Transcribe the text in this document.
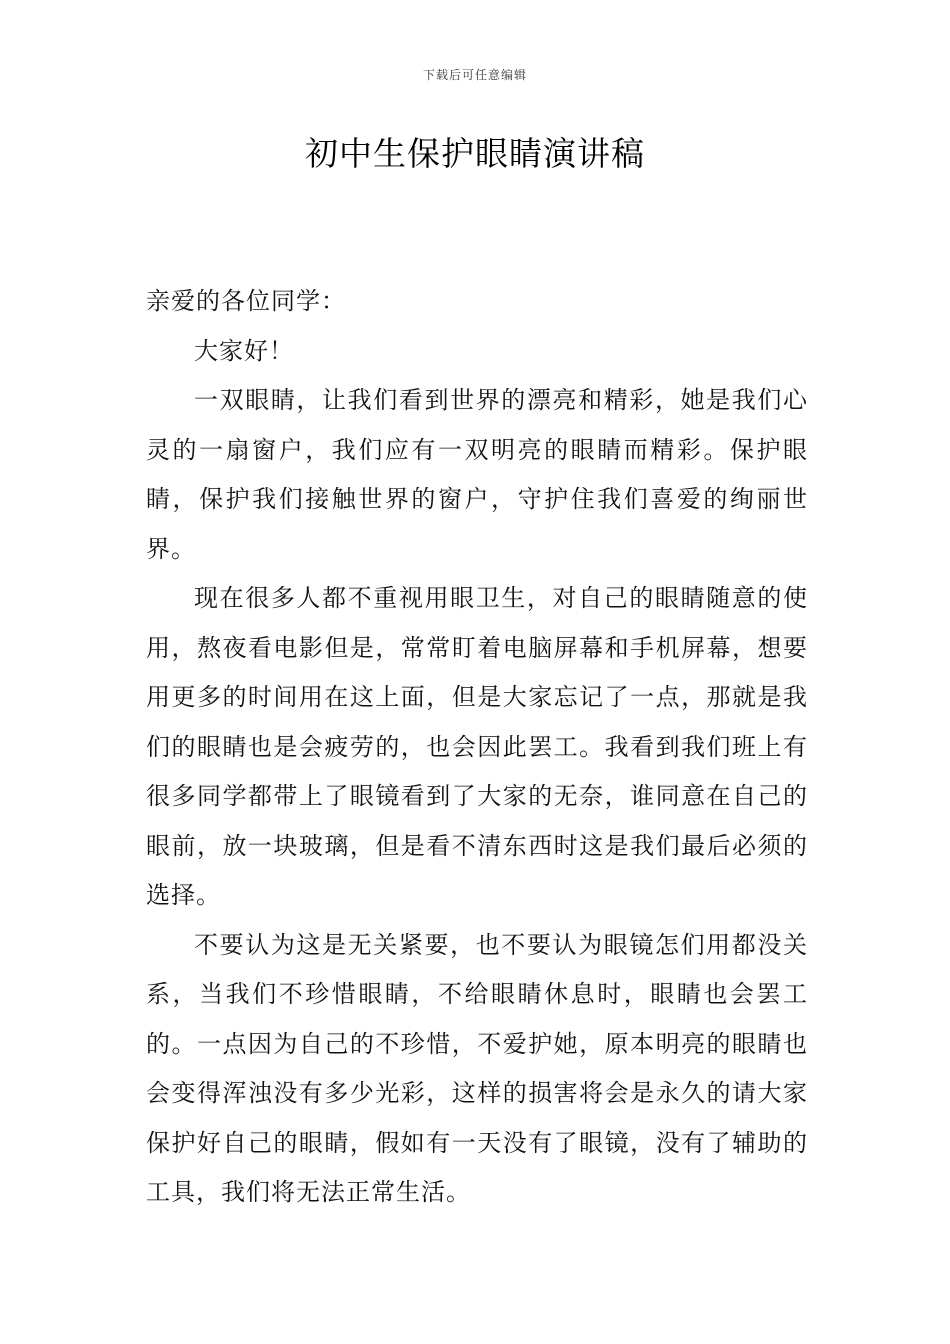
下载后可任意编辑
初中生保护眼睛演讲稿

亲爱的各位同学：

大家好！

一双眼睛，让我们看到世界的漂亮和精彩，她是我们心灵的一扇窗户，我们应有一双明亮的眼睛而精彩。保护眼睛，保护我们接触世界的窗户，守护住我们喜爱的绚丽世界。

现在很多人都不重视用眼卫生，对自己的眼睛随意的使用，熬夜看电影但是，常常盯着电脑屏幕和手机屏幕，想要用更多的时间用在这上面，但是大家忘记了一点，那就是我们的眼睛也是会疲劳的，也会因此罢工。我看到我们班上有很多同学都带上了眼镜看到了大家的无奈，谁同意在自己的眼前，放一块玻璃，但是看不清东西时这是我们最后必须的选择。

不要认为这是无关紧要，也不要认为眼镜怎们用都没关系，当我们不珍惜眼睛，不给眼睛休息时，眼睛也会罢工的。一点因为自己的不珍惜，不爱护她，原本明亮的眼睛也会变得浑浊没有多少光彩，这样的损害将会是永久的请大家保护好自己的眼睛，假如有一天没有了眼镜，没有了辅助的工具，我们将无法正常生活。
